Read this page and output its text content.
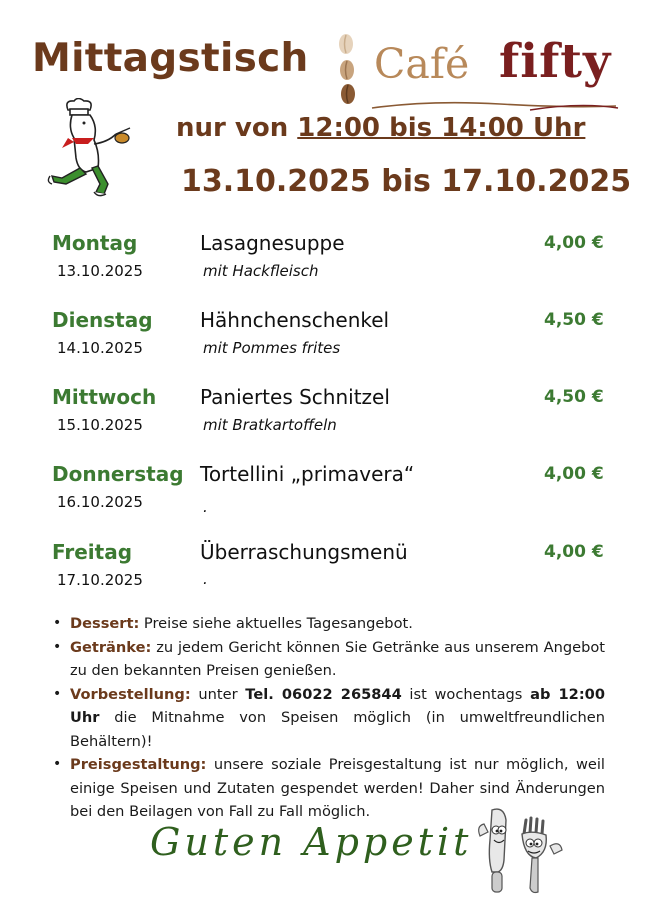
Mittagstisch Café fifty
nur von 12:00 bis 14:00 Uhr
13.10.2025 bis 17.10.2025
Montag
13.10.2025
Lasagnesuppe
mit Hackfleisch
4,00 €
Dienstag
14.10.2025
Hähnchenschenkel
mit Pommes frites
4,50 €
Mittwoch
15.10.2025
Paniertes Schnitzel
mit Bratkartoffeln
4,50 €
Donnerstag
16.10.2025
Tortellini „primavera“
.
4,00 €
Freitag
17.10.2025
Überraschungsmenü
.
4,00 €

• Dessert: Preise siehe aktuelles Tagesangebot.

• Getränke: zu jedem Gericht können Sie Getränke aus unserem Angebot zu den bekannten Preisen genießen.

• Vorbestellung: unter Tel. 06022 265844 ist wochentags ab 12:00 Uhr die Mitnahme von Speisen möglich (in umweltfreundlichen Behältern)!

• Preisgestaltung: unsere soziale Preisgestaltung ist nur möglich, weil einige Speisen und Zutaten gespendet werden! Daher sind Änderungen bei den Beilagen von Fall zu Fall möglich.

Guten Appetit
